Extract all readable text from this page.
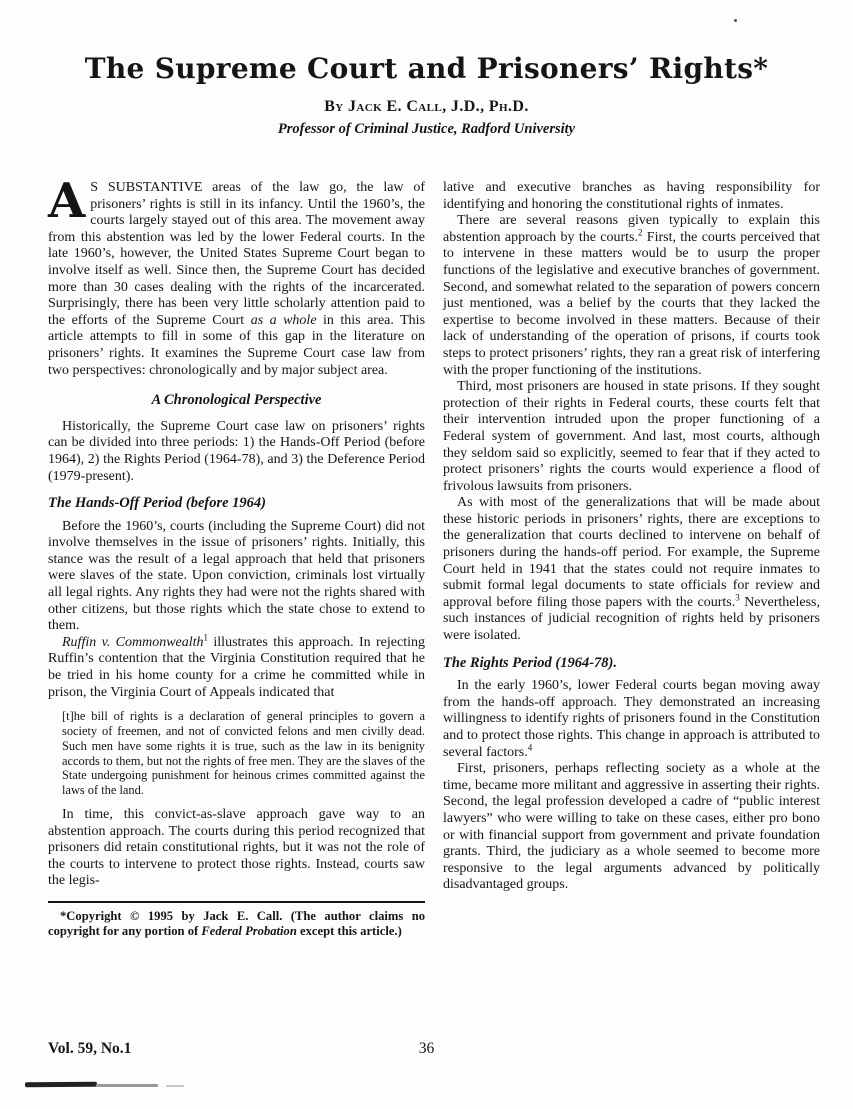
The Supreme Court and Prisoners’ Rights*
By Jack E. Call, J.D., Ph.D.
Professor of Criminal Justice, Radford University

A S SUBSTANTIVE areas of the law go, the law of prisoners’ rights is still in its infancy. Until the 1960’s, the courts largely stayed out of this area. The movement away from this abstention was led by the lower Federal courts. In the late 1960’s, however, the United States Supreme Court began to involve itself as well. Since then, the Supreme Court has decided more than 30 cases dealing with the rights of the incarcerated. Surprisingly, there has been very little scholarly attention paid to the efforts of the Supreme Court as a whole in this area. This article attempts to fill in some of this gap in the literature on prisoners’ rights. It examines the Supreme Court case law from two perspectives: chronologically and by major subject area.

A Chronological Perspective

Historically, the Supreme Court case law on prisoners’ rights can be divided into three periods: 1) the Hands-Off Period (before 1964), 2) the Rights Period (1964-78), and 3) the Deference Period (1979-present).

The Hands-Off Period (before 1964)

Before the 1960’s, courts (including the Supreme Court) did not involve themselves in the issue of prisoners’ rights. Initially, this stance was the result of a legal approach that held that prisoners were slaves of the state. Upon conviction, criminals lost virtually all legal rights. Any rights they had were not the rights shared with other citizens, but those rights which the state chose to extend to them.

Ruffin v. Commonwealth$^1$ illustrates this approach. In rejecting Ruffin’s contention that the Virginia Constitution required that he be tried in his home county for a crime he committed while in prison, the Virginia Court of Appeals indicated that

[t]he bill of rights is a declaration of general principles to govern a society of freemen, and not of convicted felons and men civilly dead. Such men have some rights it is true, such as the law in its benignity accords to them, but not the rights of free men. They are the slaves of the State undergoing punishment for heinous crimes committed against the laws of the land.

In time, this convict-as-slave approach gave way to an abstention approach. The courts during this period recognized that prisoners did retain constitutional rights, but it was not the role of the courts to intervene to protect those rights. Instead, courts saw the legis-

*Copyright © 1995 by Jack E. Call. (The author claims no copyright for any portion of Federal Probation except this article.)

lative and executive branches as having responsibility for identifying and honoring the constitutional rights of inmates.

There are several reasons given typically to explain this abstention approach by the courts.$^2$ First, the courts perceived that to intervene in these matters would be to usurp the proper functions of the legislative and executive branches of government. Second, and somewhat related to the separation of powers concern just mentioned, was a belief by the courts that they lacked the expertise to become involved in these matters. Because of their lack of understanding of the operation of prisons, if courts took steps to protect prisoners’ rights, they ran a great risk of interfering with the proper functioning of the institutions.

Third, most prisoners are housed in state prisons. If they sought protection of their rights in Federal courts, these courts felt that their intervention intruded upon the proper functioning of a Federal system of government. And last, most courts, although they seldom said so explicitly, seemed to fear that if they acted to protect prisoners’ rights the courts would experience a flood of frivolous lawsuits from prisoners.

As with most of the generalizations that will be made about these historic periods in prisoners’ rights, there are exceptions to the generalization that courts declined to intervene on behalf of prisoners during the hands-off period. For example, the Supreme Court held in 1941 that the states could not require inmates to submit formal legal documents to state officials for review and approval before filing those papers with the courts.$^3$ Nevertheless, such instances of judicial recognition of rights held by prisoners were isolated.

The Rights Period (1964-78).

In the early 1960’s, lower Federal courts began moving away from the hands-off approach. They demonstrated an increasing willingness to identify rights of prisoners found in the Constitution and to protect those rights. This change in approach is attributed to several factors.$^4$

First, prisoners, perhaps reflecting society as a whole at the time, became more militant and aggressive in asserting their rights. Second, the legal profession developed a cadre of “public interest lawyers” who were willing to take on these cases, either pro bono or with financial support from government and private foundation grants. Third, the judiciary as a whole seemed to become more responsive to the legal arguments advanced by politically disadvantaged groups.

Vol. 59, No.1	36
